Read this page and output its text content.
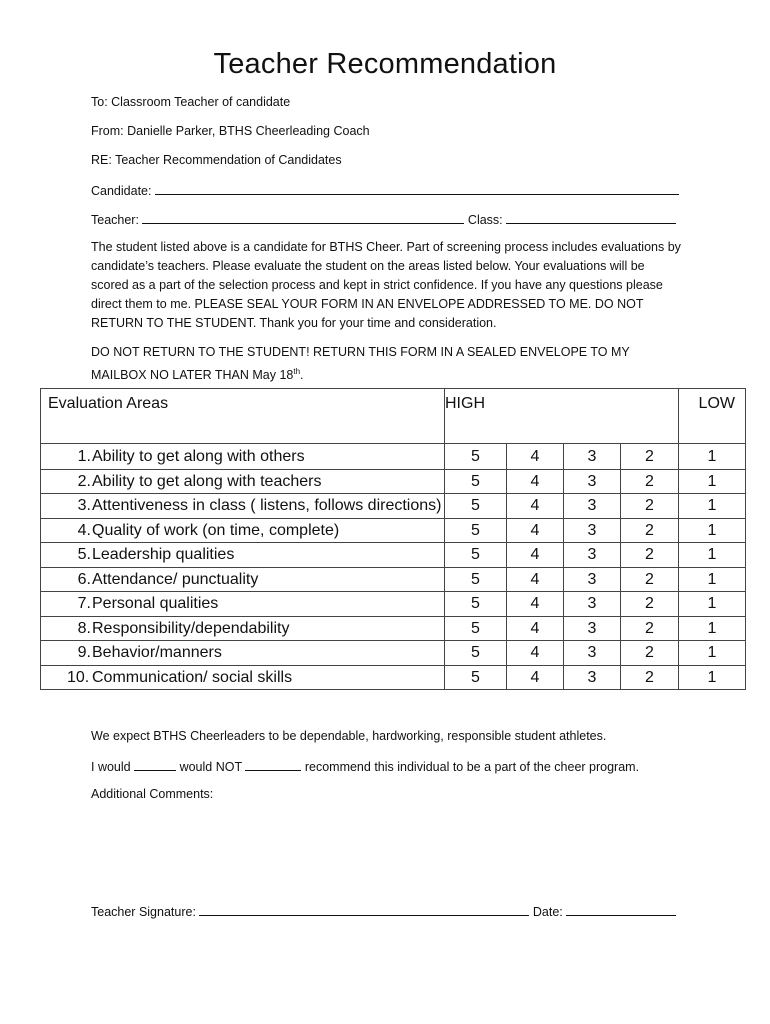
Teacher Recommendation
To: Classroom Teacher of candidate
From: Danielle Parker, BTHS Cheerleading Coach
RE: Teacher Recommendation of Candidates
Candidate:
Teacher:	Class:
The student listed above is a candidate for BTHS Cheer. Part of screening process includes evaluations by candidate’s teachers. Please evaluate the student on the areas listed below. Your evaluations will be scored as a part of the selection process and kept in strict confidence. If you have any questions please direct them to me. PLEASE SEAL YOUR FORM IN AN ENVELOPE ADDRESSED TO ME. DO NOT RETURN TO THE STUDENT. Thank you for your time and consideration.
DO NOT RETURN TO THE STUDENT! RETURN THIS FORM IN A SEALED ENVELOPE TO MY MAILBOX NO LATER THAN May 18th.
Evaluation Areas	HIGH				LOW

1. Ability to get along with others	5	4	3	2	1

2. Ability to get along with teachers	5	4	3	2	1

3. Attentiveness in class ( listens, follows directions)	5	4	3	2	1

4. Quality of work (on time, complete)	5	4	3	2	1

5. Leadership qualities	5	4	3	2	1

6. Attendance/ punctuality	5	4	3	2	1

7. Personal qualities	5	4	3	2	1

8. Responsibility/dependability	5	4	3	2	1

9. Behavior/manners	5	4	3	2	1

10. Communication/ social skills	5	4	3	2	1
We expect BTHS Cheerleaders to be dependable, hardworking, responsible student athletes.
I would	would NOT	recommend this individual to be a part of the cheer program.
Additional Comments:
Teacher Signature:	Date:
